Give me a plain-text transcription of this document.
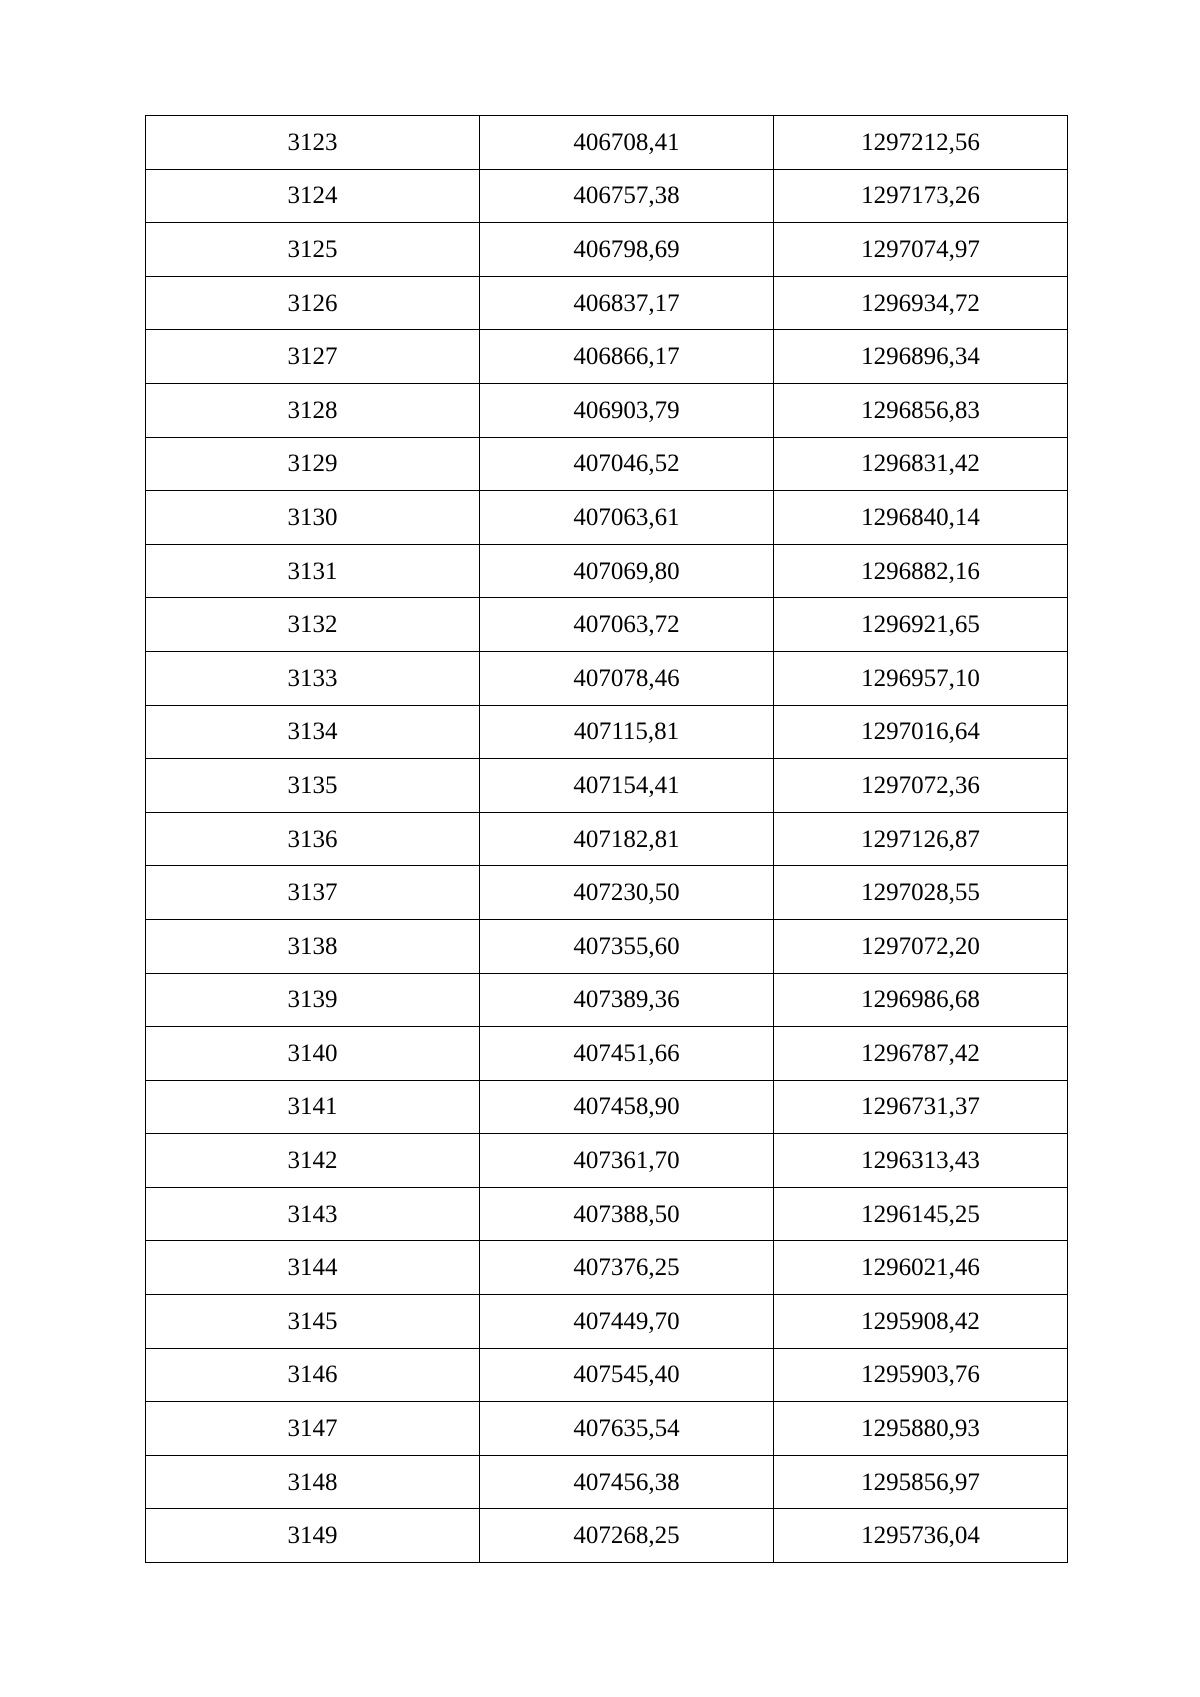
3123	406708,41	1297212,56
3124	406757,38	1297173,26
3125	406798,69	1297074,97
3126	406837,17	1296934,72
3127	406866,17	1296896,34
3128	406903,79	1296856,83
3129	407046,52	1296831,42
3130	407063,61	1296840,14
3131	407069,80	1296882,16
3132	407063,72	1296921,65
3133	407078,46	1296957,10
3134	407115,81	1297016,64
3135	407154,41	1297072,36
3136	407182,81	1297126,87
3137	407230,50	1297028,55
3138	407355,60	1297072,20
3139	407389,36	1296986,68
3140	407451,66	1296787,42
3141	407458,90	1296731,37
3142	407361,70	1296313,43
3143	407388,50	1296145,25
3144	407376,25	1296021,46
3145	407449,70	1295908,42
3146	407545,40	1295903,76
3147	407635,54	1295880,93
3148	407456,38	1295856,97
3149	407268,25	1295736,04
